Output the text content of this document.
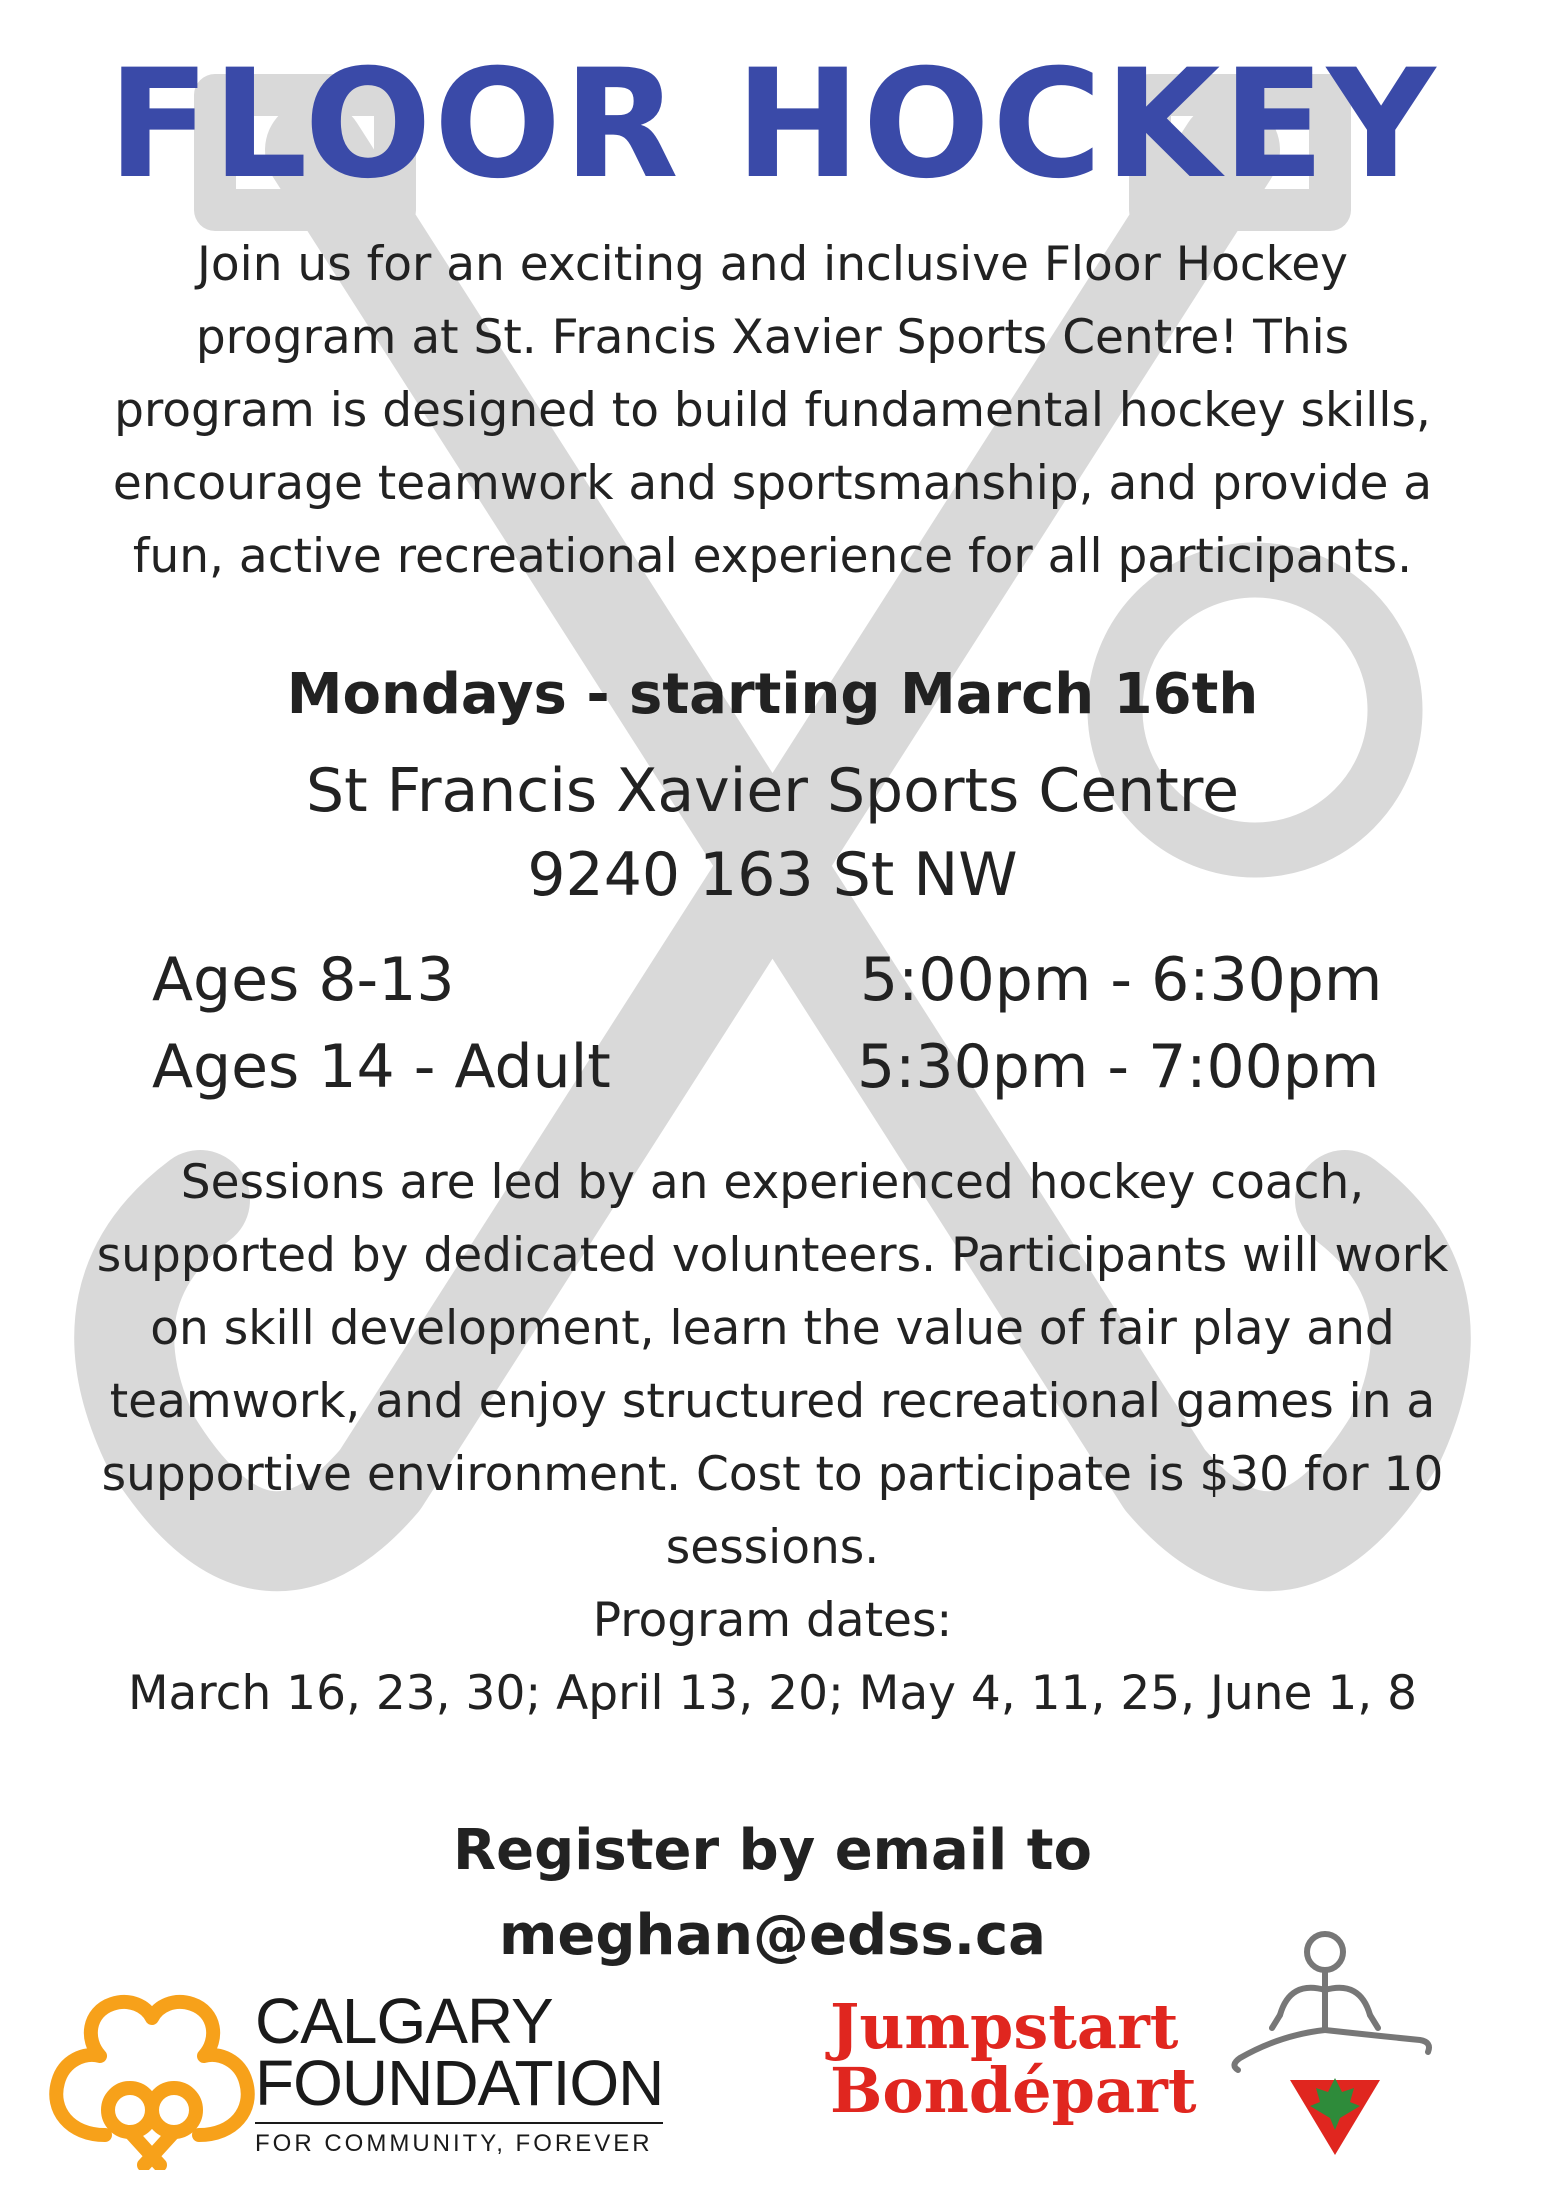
FLOOR HOCKEY
Join us for an exciting and inclusive Floor Hockey program at St. Francis Xavier Sports Centre! This program is designed to build fundamental hockey skills, encourage teamwork and sportsmanship, and provide a fun, active recreational experience for all participants.
Mondays - starting March 16th
St Francis Xavier Sports Centre
9240 163 St NW
Ages 8-13	5:00pm - 6:30pm
Ages 14 - Adult	5:30pm - 7:00pm
Sessions are led by an experienced hockey coach, supported by dedicated volunteers. Participants will work on skill development, learn the value of fair play and teamwork, and enjoy structured recreational games in a supportive environment. Cost to participate is $30 for 10 sessions.
Program dates:
March 16, 23, 30; April 13, 20; May 4, 11, 25, June 1, 8
Register by email to
meghan@edss.ca
CALGARY
FOUNDATION
FOR COMMUNITY, FOREVER
Jumpstart
Bondépart
